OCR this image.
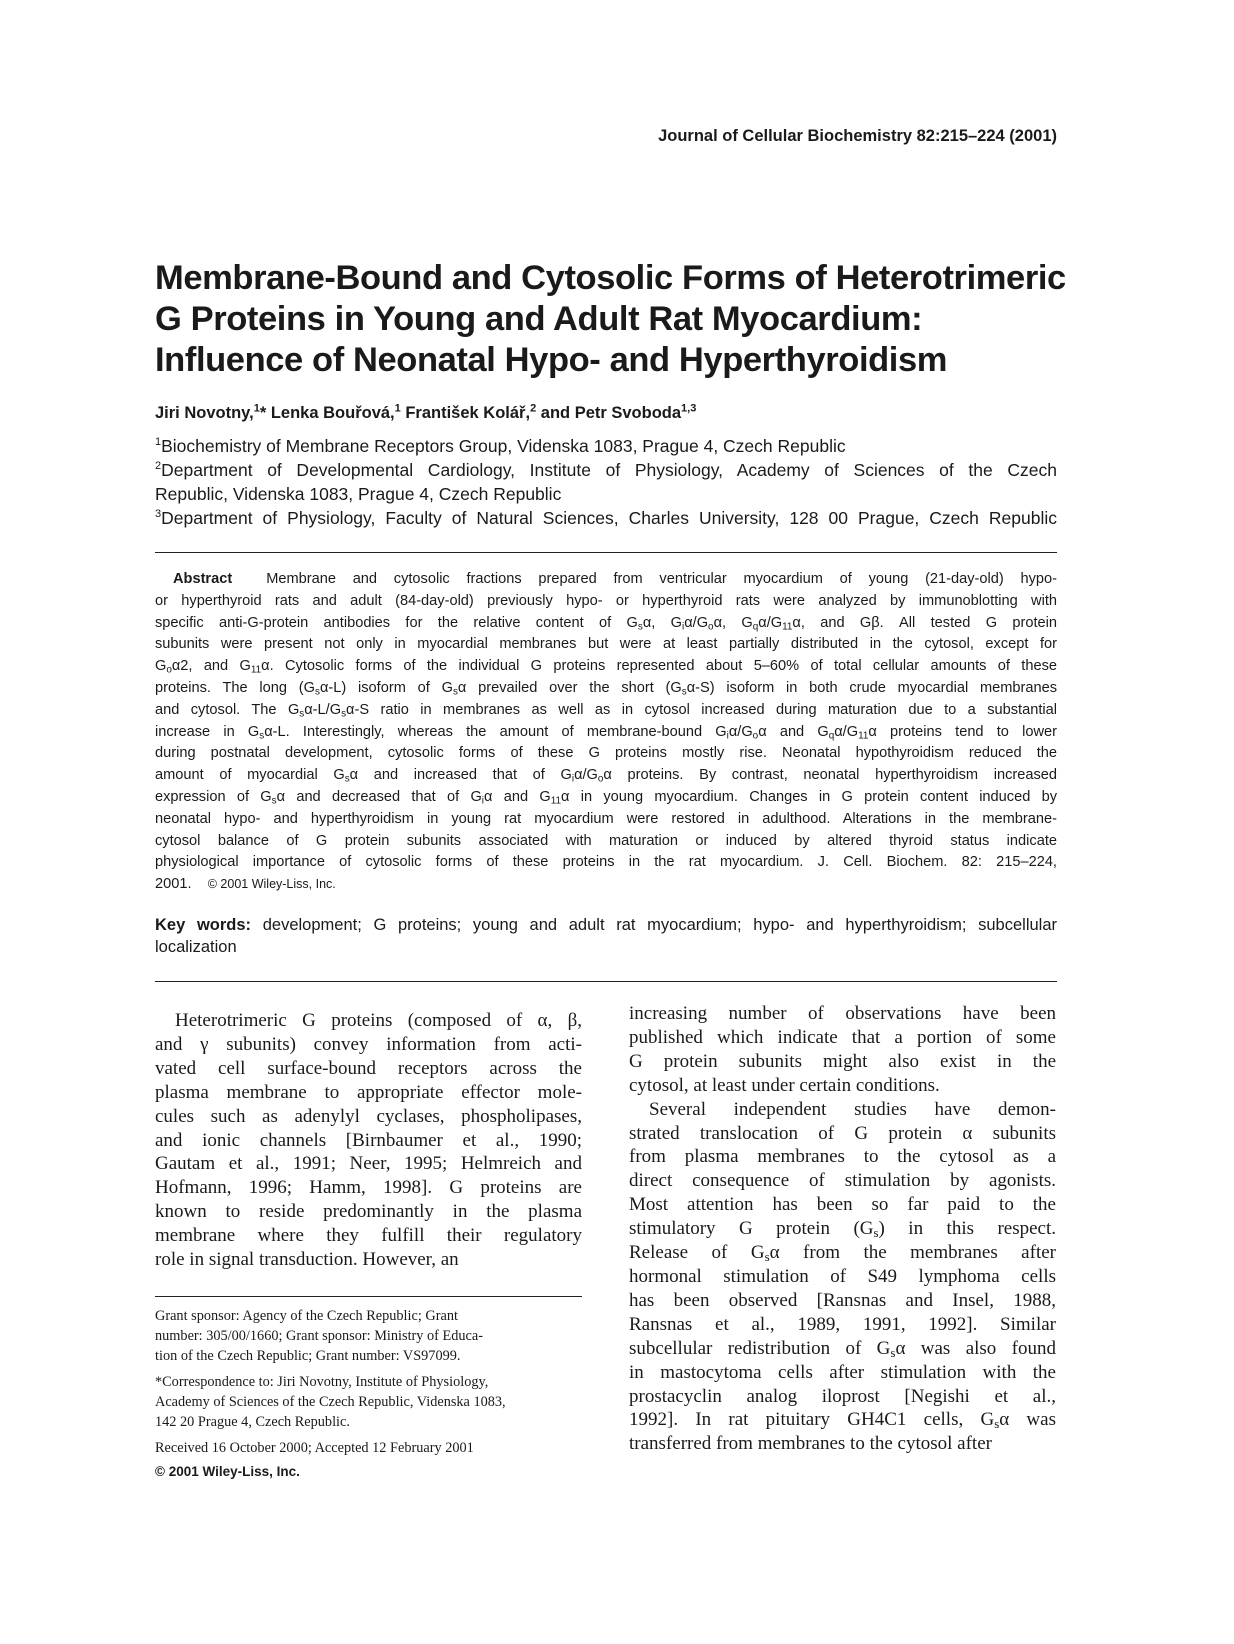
Journal of Cellular Biochemistry 82:215–224 (2001)
Membrane-Bound and Cytosolic Forms of Heterotrimeric
G Proteins in Young and Adult Rat Myocardium:
Influence of Neonatal Hypo- and Hyperthyroidism
Jiri Novotny,$^1$* Lenka Bouřová,$^1$ František Kolář,$^2$ and Petr Svoboda$^{1,3}$
$^1$Biochemistry of Membrane Receptors Group, Videnska 1083, Prague 4, Czech Republic
$^2$Department of Developmental Cardiology, Institute of Physiology, Academy of Sciences of the Czech
Republic, Videnska 1083, Prague 4, Czech Republic
$^3$Department of Physiology, Faculty of Natural Sciences, Charles University, 128 00 Prague, Czech Republic
Abstract Membrane and cytosolic fractions prepared from ventricular myocardium of young (21-day-old) hypo-
or hyperthyroid rats and adult (84-day-old) previously hypo- or hyperthyroid rats were analyzed by immunoblotting with
specific anti-G-protein antibodies for the relative content of $G_s\alpha$, $G_i\alpha/G_o\alpha$, $G_q\alpha/G_{11}\alpha$, and Gβ. All tested G protein
subunits were present not only in myocardial membranes but were at least partially distributed in the cytosol, except for
$G_o\alpha 2$, and $G_{11}\alpha$. Cytosolic forms of the individual G proteins represented about 5–60% of total cellular amounts of these
proteins. The long $(G_s\alpha-L)$ isoform of $G_s\alpha$ prevailed over the short $(G_s\alpha-S)$ isoform in both crude myocardial membranes
and cytosol. The $G_s\alpha-L/G_s\alpha-S$ ratio in membranes as well as in cytosol increased during maturation due to a substantial
increase in $G_s\alpha-L$. Interestingly, whereas the amount of membrane-bound $G_i\alpha/G_o\alpha$ and $G_q\alpha/G_{11}\alpha$ proteins tend to lower
during postnatal development, cytosolic forms of these G proteins mostly rise. Neonatal hypothyroidism reduced the
amount of myocardial $G_s\alpha$ and increased that of $G_i\alpha/G_o\alpha$ proteins. By contrast, neonatal hyperthyroidism increased
expression of $G_s\alpha$ and decreased that of $G_i\alpha$ and $G_{11}\alpha$ in young myocardium. Changes in G protein content induced by
neonatal hypo- and hyperthyroidism in young rat myocardium were restored in adulthood. Alterations in the membrane-
cytosol balance of G protein subunits associated with maturation or induced by altered thyroid status indicate
physiological importance of cytosolic forms of these proteins in the rat myocardium. J. Cell. Biochem. 82: 215–224,
2001.    © 2001 Wiley-Liss, Inc.
Key words: development; G proteins; young and adult rat myocardium; hypo- and hyperthyroidism; subcellular
localization
Heterotrimeric G proteins (composed of α, β,
and γ subunits) convey information from acti-
vated cell surface-bound receptors across the
plasma membrane to appropriate effector mole-
cules such as adenylyl cyclases, phospholipases,
and ionic channels [Birnbaumer et al., 1990;
Gautam et al., 1991; Neer, 1995; Helmreich and
Hofmann, 1996; Hamm, 1998]. G proteins are
known to reside predominantly in the plasma
membrane where they fulfill their regulatory
role in signal transduction. However, an
increasing number of observations have been
published which indicate that a portion of some
G protein subunits might also exist in the
cytosol, at least under certain conditions.
Several independent studies have demon-
strated translocation of G protein α subunits
from plasma membranes to the cytosol as a
direct consequence of stimulation by agonists.
Most attention has been so far paid to the
stimulatory G protein $(G_s)$ in this respect.
Release of $G_s\alpha$ from the membranes after
hormonal stimulation of S49 lymphoma cells
has been observed [Ransnas and Insel, 1988,
Ransnas et al., 1989, 1991, 1992]. Similar
subcellular redistribution of $G_s\alpha$ was also found
in mastocytoma cells after stimulation with the
prostacyclin analog iloprost [Negishi et al.,
1992]. In rat pituitary GH4C1 cells, $G_s\alpha$ was
transferred from membranes to the cytosol after
Grant sponsor: Agency of the Czech Republic; Grant
number: 305/00/1660; Grant sponsor: Ministry of Educa-
tion of the Czech Republic; Grant number: VS97099.
*Correspondence to: Jiri Novotny, Institute of Physiology,
Academy of Sciences of the Czech Republic, Videnska 1083,
142 20 Prague 4, Czech Republic.
Received 16 October 2000; Accepted 12 February 2001
© 2001 Wiley-Liss, Inc.
